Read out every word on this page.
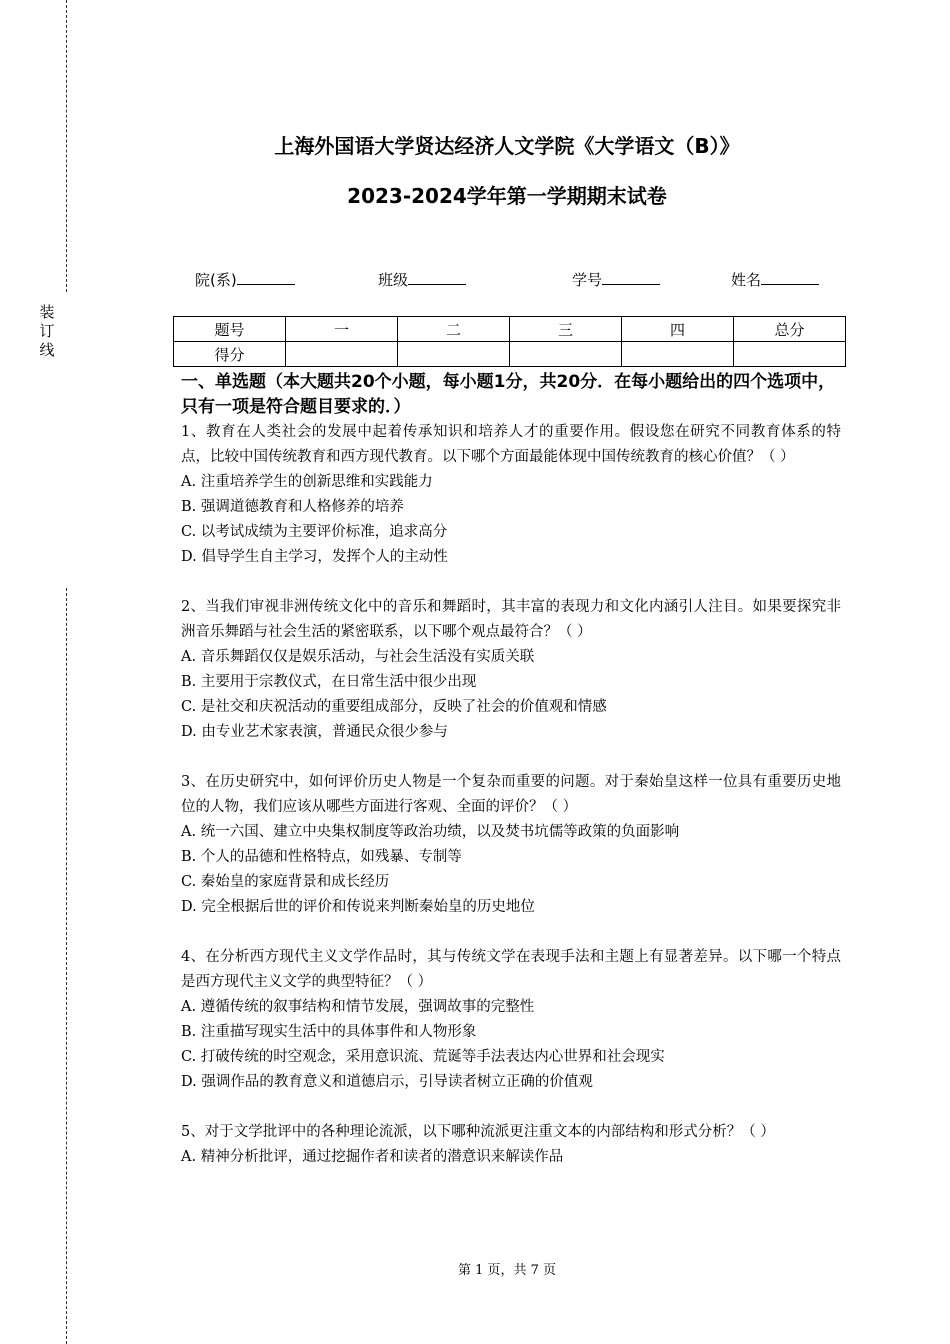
装订线
上海外国语大学贤达经济人文学院《大学语文（B）》
2023-2024学年第一学期期末试卷
院(系)	班级	学号	姓名
题号	一	二	三	四	总分
得分					

一、单选题（本大题共20个小题，每小题1分，共20分．在每小题给出的四个选项中，只有一项是符合题目要求的．）

1、教育在人类社会的发展中起着传承知识和培养人才的重要作用。假设您在研究不同教育体系的特点，比较中国传统教育和西方现代教育。以下哪个方面最能体现中国传统教育的核心价值？（ ）

A. 注重培养学生的创新思维和实践能力

B. 强调道德教育和人格修养的培养

C. 以考试成绩为主要评价标准，追求高分

D. 倡导学生自主学习，发挥个人的主动性

2、当我们审视非洲传统文化中的音乐和舞蹈时，其丰富的表现力和文化内涵引人注目。如果要探究非洲音乐舞蹈与社会生活的紧密联系，以下哪个观点最符合？（ ）

A. 音乐舞蹈仅仅是娱乐活动，与社会生活没有实质关联

B. 主要用于宗教仪式，在日常生活中很少出现

C. 是社交和庆祝活动的重要组成部分，反映了社会的价值观和情感

D. 由专业艺术家表演，普通民众很少参与

3、在历史研究中，如何评价历史人物是一个复杂而重要的问题。对于秦始皇这样一位具有重要历史地位的人物，我们应该从哪些方面进行客观、全面的评价？（ ）

A. 统一六国、建立中央集权制度等政治功绩，以及焚书坑儒等政策的负面影响

B. 个人的品德和性格特点，如残暴、专制等

C. 秦始皇的家庭背景和成长经历

D. 完全根据后世的评价和传说来判断秦始皇的历史地位

4、在分析西方现代主义文学作品时，其与传统文学在表现手法和主题上有显著差异。以下哪一个特点是西方现代主义文学的典型特征？（ ）

A. 遵循传统的叙事结构和情节发展，强调故事的完整性

B. 注重描写现实生活中的具体事件和人物形象

C. 打破传统的时空观念，采用意识流、荒诞等手法表达内心世界和社会现实

D. 强调作品的教育意义和道德启示，引导读者树立正确的价值观

5、对于文学批评中的各种理论流派，以下哪种流派更注重文本的内部结构和形式分析？（ ）

A. 精神分析批评，通过挖掘作者和读者的潜意识来解读作品

第 1 页，共 7 页
